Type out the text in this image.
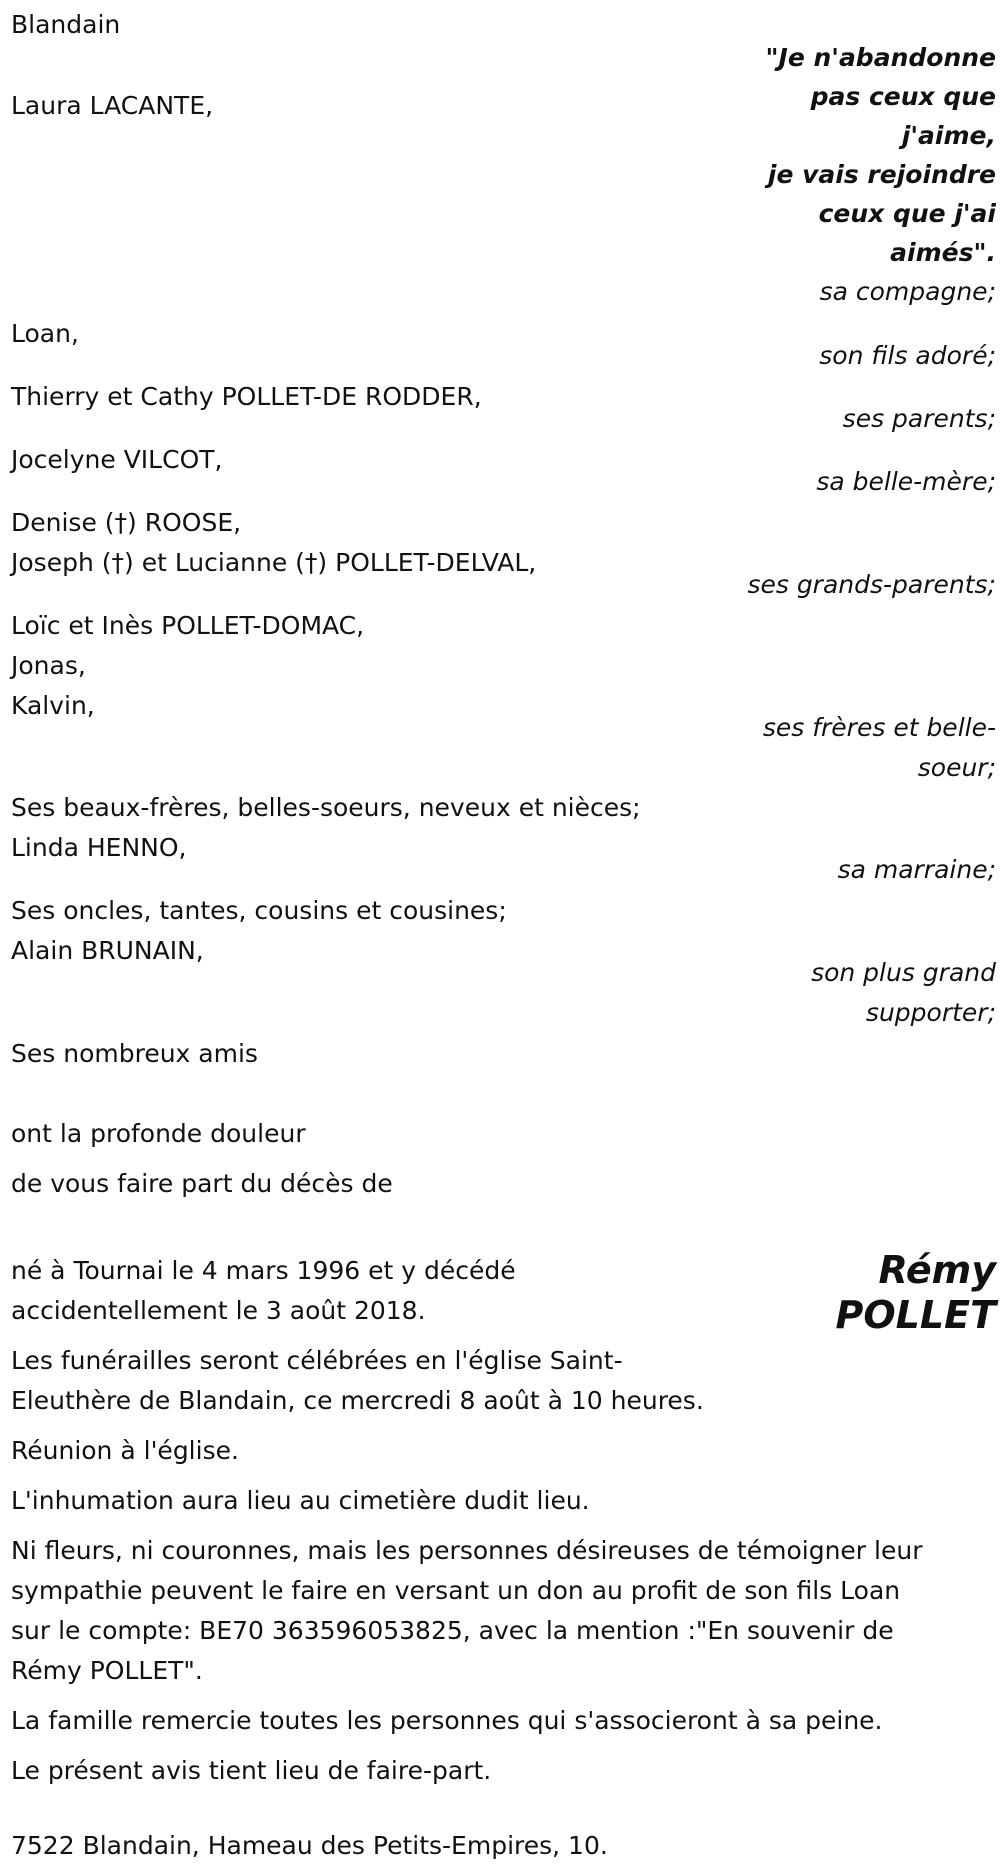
Blandain

"Je n'abandonne
pas ceux que
j'aime,
je vais rejoindre
ceux que j'ai
aimés".

Laura LACANTE,

Loan,

Thierry et Cathy POLLET-DE RODDER,

Jocelyne VILCOT,

Denise (†) ROOSE,

Joseph (†) et Lucianne (†) POLLET-DELVAL,

Loïc et Inès POLLET-DOMAC,

Jonas,

Kalvin,

Ses beaux-frères, belles-soeurs, neveux et nièces;

Linda HENNO,

Ses oncles, tantes, cousins et cousines;

Alain BRUNAIN,

Ses nombreux amis

sa compagne;

son fils adoré;

ses parents;

sa belle-mère;

ses grands-parents;

ses frères et belle-

soeur;

sa marraine;

son plus grand

supporter;

ont la profonde douleur

de vous faire part du décès de

Rémy
POLLET

né à Tournai le 4 mars 1996 et y décédé

accidentellement le 3 août 2018.

Les funérailles seront célébrées en l'église Saint-

Eleuthère de Blandain, ce mercredi 8 août à 10 heures.

Réunion à l'église.

L'inhumation aura lieu au cimetière dudit lieu.

Ni fleurs, ni couronnes, mais les personnes désireuses de témoigner leur

sympathie peuvent le faire en versant un don au profit de son fils Loan

sur le compte: BE70 363596053825, avec la mention :"En souvenir de

Rémy POLLET".

La famille remercie toutes les personnes qui s'associeront à sa peine.

Le présent avis tient lieu de faire-part.

7522 Blandain, Hameau des Petits-Empires, 10.
